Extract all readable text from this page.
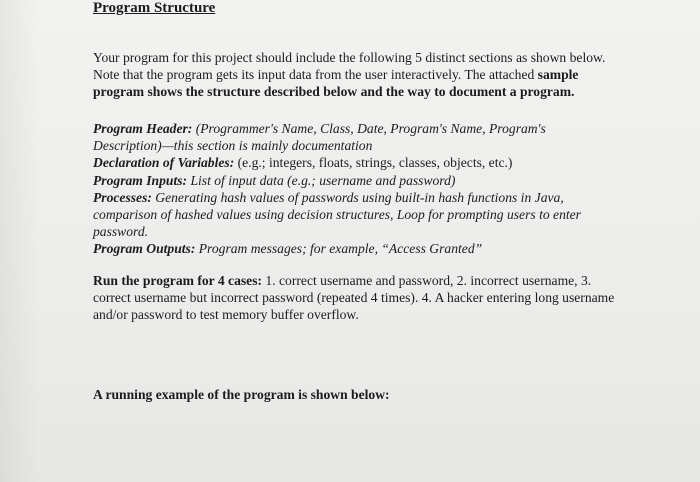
Program Structure
Your program for this project should include the following 5 distinct sections as shown below.
Note that the program gets its input data from the user interactively. The attached sample
program shows the structure described below and the way to document a program.
Program Header: (Programmer's Name, Class, Date, Program's Name, Program's
Description)—this section is mainly documentation
Declaration of Variables: (e.g.; integers, floats, strings, classes, objects, etc.)
Program Inputs: List of input data (e.g.; username and password)
Processes: Generating hash values of passwords using built-in hash functions in Java,
comparison of hashed values using decision structures, Loop for prompting users to enter
password.
Program Outputs: Program messages; for example, “Access Granted”
Run the program for 4 cases: 1. correct username and password, 2. incorrect username, 3.
correct username but incorrect password (repeated 4 times). 4. A hacker entering long username
and/or password to test memory buffer overflow.
A running example of the program is shown below:
